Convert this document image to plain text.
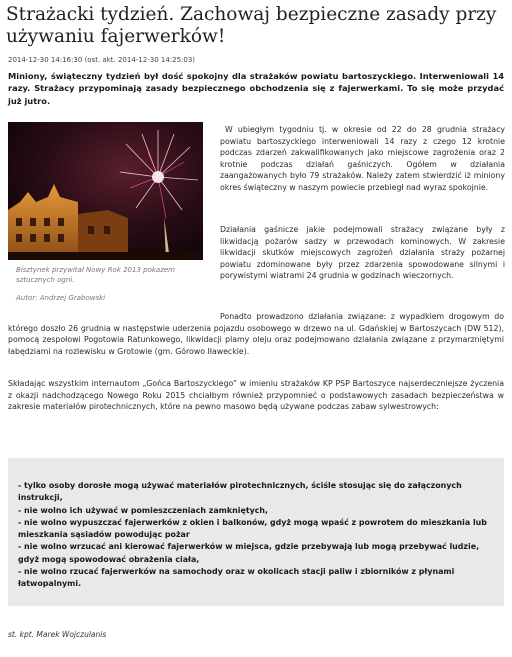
Strażacki tydzień. Zachowaj bezpieczne zasady przy używaniu fajerwerków!
2014-12-30 14:16:30 (ost. akt. 2014-12-30 14:25:03)
Miniony, świąteczny tydzień był dość spokojny dla strażaków powiatu bartoszyckiego. Interweniowali 14 razy. Strażacy przypominają zasady bezpiecznego obchodzenia się z fajerwerkami. To się może przydać już jutro.
Bisztynek przywitał Nowy Rok 2013 pokazem sztucznych ogni.
Autor: Andrzej Grabowski

W ubiegłym tygodniu tj. w okresie od 22 do 28 grudnia strażacy powiatu bartoszyckiego interweniowali 14 razy z czego 12 krotnie podczas zdarzeń zakwalifikowanych jako miejscowe zagrożenia oraz 2 krotnie podczas działań gaśniczych. Ogółem w działania zaangażowanych było 79 strażaków. Należy zatem stwierdzić iż miniony okres świąteczny w naszym powiecie przebiegł nad wyraz spokojnie.

Działania gaśnicze jakie podejmowali strażacy związane były z likwidacją pożarów sadzy w przewodach kominowych. W zakresie likwidacji skutków miejscowych zagrożeń działania straży pożarnej powiatu zdominowane były przez zdarzenia spowodowane silnymi i porywistymi wiatrami 24 grudnia w godzinach wieczornych.

Ponadto prowadzono działania związane: z wypadkiem drogowym do którego doszło 26 grudnia w następstwie uderzenia pojazdu osobowego w drzewo na ul. Gdańskiej w Bartoszycach (DW 512), pomocą zespołowi Pogotowia Ratunkowego, likwidacji plamy oleju oraz podejmowano działania związane z przymarzniętymi łabędziami na rozlewisku w Grotowie (gm. Górowo Iławeckie).

Składając wszystkim internautom „Gońca Bartoszyckiego” w imieniu strażaków KP PSP Bartoszyce najserdeczniejsze życzenia z okazji nadchodzącego Nowego Roku 2015 chciałbym również przypomnieć o podstawowych zasadach bezpieczeństwa w zakresie materiałów pirotechnicznych, które na pewno masowo będą używane podczas zabaw sylwestrowych:

- tylko osoby dorosłe mogą używać materiałów pirotechnicznych, ściśle stosując się do załączonych instrukcji,
- nie wolno ich używać w pomieszczeniach zamkniętych,
- nie wolno wypuszczać fajerwerków z okien i balkonów, gdyż mogą wpaść z powrotem do mieszkania lub mieszkania sąsiadów powodując pożar
- nie wolno wrzucać ani kierować fajerwerków w miejsca, gdzie przebywają lub mogą przebywać ludzie, gdyż mogą spowodować obrażenia ciała,
- nie wolno rzucać fajerwerków na samochody oraz w okolicach stacji paliw i zbiorników z płynami łatwopalnymi.
st. kpt. Marek Wojczulanis
